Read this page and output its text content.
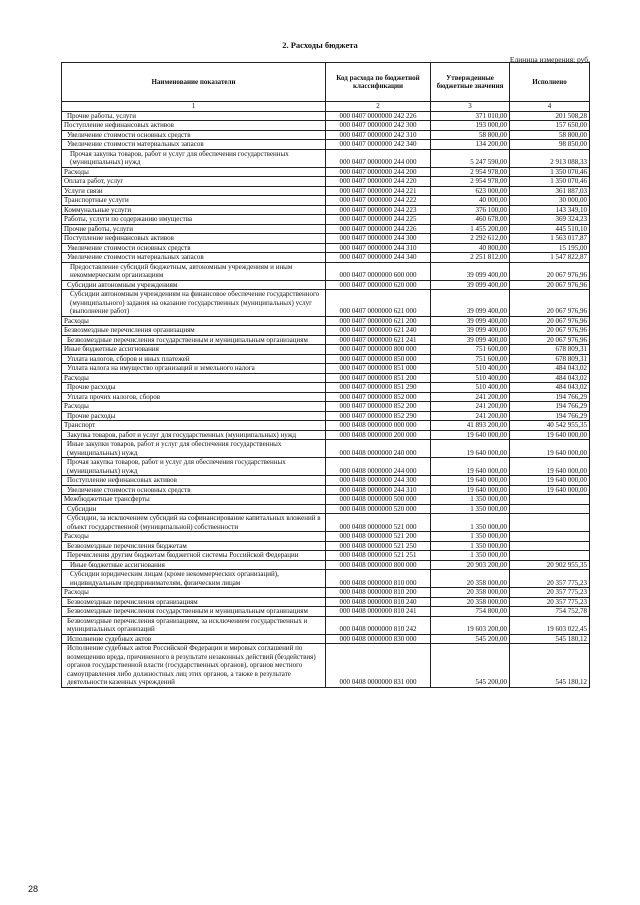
2. Расходы бюджета
Единица измерения: руб.
Наименование показатели	Код расхода по бюджетной классификации	Утвержденные бюджетные значения	Исполнено
1	2	3	4
Прочие работы, услуги	000 0407 0000000 242 226	371 010,00	201 508,28
Поступление нефинансовых активов	000 0407 0000000 242 300	193 000,00	157 650,00
Увеличение стоимости основных средств	000 0407 0000000 242 310	58 800,00	58 800,00
Увеличение стоимости материальных запасов	000 0407 0000000 242 340	134 200,00	98 850,00
Прочая закупка товаров, работ и услуг для обеспечения государственных (муниципальных) нужд	000 0407 0000000 244 000	5 247 590,00	2 913 088,33
Расходы	000 0407 0000000 244 200	2 954 978,00	1 350 070,46
Оплата работ, услуг	000 0407 0000000 244 220	2 954 978,00	1 350 070,46
Услуги связи	000 0407 0000000 244 221	623 000,00	361 887,03
Транспортные услуги	000 0407 0000000 244 222	40 000,00	30 000,00
Коммунальные услуги	000 0407 0000000 244 223	376 100,00	143 349,10
Работы, услуги по содержанию имущества	000 0407 0000000 244 225	460 678,00	369 324,23
Прочие работы, услуги	000 0407 0000000 244 226	1 455 200,00	445 510,10
Поступление нефинансовых активов	000 0407 0000000 244 300	2 292 612,00	1 563 017,87
Увеличение стоимости основных средств	000 0407 0000000 244 310	40 800,00	15 195,00
Увеличение стоимости материальных запасов	000 0407 0000000 244 340	2 251 812,00	1 547 822,87
Предоставление субсидий бюджетным, автономным учреждениям и иным некоммерческим организациям	000 0407 0000000 600 000	39 099 400,00	20 067 976,96
Субсидии автономным учреждениям	000 0407 0000000 620 000	39 099 400,00	20 067 976,96
Субсидии автономным учреждениям на финансовое обеспечение государственного (муниципального) задания на оказание государственных (муниципальных) услуг (выполнение работ)	000 0407 0000000 621 000	39 099 400,00	20 067 976,96
Расходы	000 0407 0000000 621 200	39 099 400,00	20 067 976,96
Безвозмездные перечисления организациям	000 0407 0000000 621 240	39 099 400,00	20 067 976,96
Безвозмездные перечисления государственным и муниципальным организациям	000 0407 0000000 621 241	39 099 400,00	20 067 976,96
Иные бюджетные ассигнования	000 0407 0000000 800 000	751 600,00	678 809,31
Уплата налогов, сборов и иных платежей	000 0407 0000000 850 000	751 600,00	678 809,31
Уплата налога на имущество организаций и земельного налога	000 0407 0000000 851 000	510 400,00	484 043,02
Расходы	000 0407 0000000 851 200	510 400,00	484 043,02
Прочие расходы	000 0407 0000000 851 290	510 400,00	484 043,02
Уплата прочих налогов, сборов	000 0407 0000000 852 000	241 200,00	194 766,29
Расходы	000 0407 0000000 852 200	241 200,00	194 766,29
Прочие расходы	000 0407 0000000 852 290	241 200,00	194 766,29
Транспорт	000 0408 0000000 000 000	41 893 200,00	40 542 955,35
Закупка товаров, работ и услуг для государственных (муниципальных) нужд	000 0408 0000000 200 000	19 640 000,00	19 640 000,00
Иные закупки товаров, работ и услуг для обеспечения государственных (муниципальных) нужд	000 0408 0000000 240 000	19 640 000,00	19 640 000,00
Прочая закупка товаров, работ и услуг для обеспечения государственных (муниципальных) нужд	000 0408 0000000 244 000	19 640 000,00	19 640 000,00
Поступление нефинансовых активов	000 0408 0000000 244 300	19 640 000,00	19 640 000,00
Увеличение стоимости основных средств	000 0408 0000000 244 310	19 640 000,00	19 640 000,00
Межбюджетные трансферты	000 0408 0000000 500 000	1 350 000,00	
Субсидии	000 0408 0000000 520 000	1 350 000,00	
Субсидии, за исключением субсидий на софинансирование капитальных вложений в объект государственной (муниципальной) собственности	000 0408 0000000 521 000	1 350 000,00	
Расходы	000 0408 0000000 521 200	1 350 000,00	
Безвозмездные перечисления бюджетам	000 0408 0000000 521 250	1 350 000,00	
Перечисления другим бюджетам бюджетной системы Российской Федерации	000 0408 0000000 521 251	1 350 000,00	
Иные бюджетные ассигнования	000 0408 0000000 800 000	20 903 200,00	20 902 955,35
Субсидии юридическим лицам (кроме некоммерческих организаций), индивидуальным предпринимателям, физическим лицам	000 0408 0000000 810 000	20 358 000,00	20 357 775,23
Расходы	000 0408 0000000 810 200	20 358 000,00	20 357 775,23
Безвозмездные перечисления организациям	000 0408 0000000 810 240	20 358 000,00	20 357 775,23
Безвозмездные перечисления государственным и муниципальным организациям	000 0408 0000000 810 241	754 800,00	754 752,78
Безвозмездные перечисления организациям, за исключением государственных и муниципальных организаций	000 0408 0000000 810 242	19 603 200,00	19 603 022,45
Исполнение судебных актов	000 0408 0000000 830 000	545 200,00	545 180,12
Исполнение судебных актов Российской Федерации и мировых соглашений по возмещению вреда, причиненного в результате незаконных действий (бездействия) органов государственной власти (государственных органов), органов местного самоуправления либо должностных лиц этих органов, а также в результате деятельности казенных учреждений	000 0408 0000000 831 000	545 200,00	545 180,12
28
